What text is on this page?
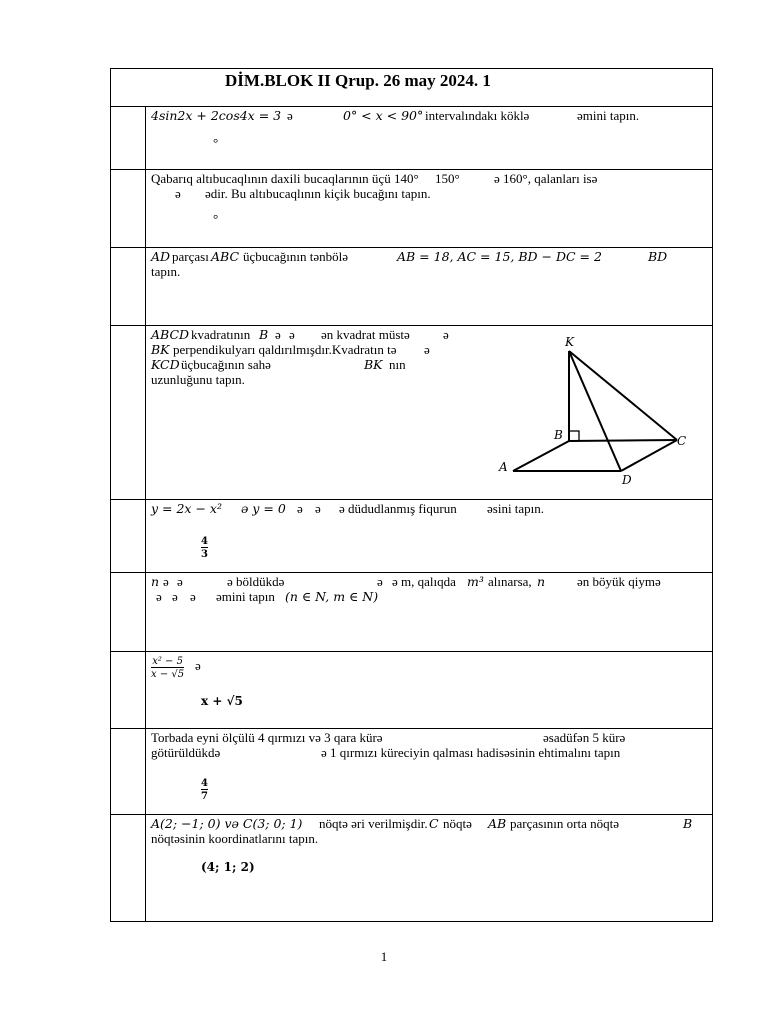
DİM.BLOK II Qrup. 26 may 2024. 1
4sin2x + 2cos4x = 3 ə	0° < x < 90° intervalındakı köklə	əmini tapın.
°
Qabarıq altıbucaqlının daxili bucaqlarının üçü 140° 150°	ə 160°, qalanları isə
ə ədir. Bu altıbucaqlının kiçik bucağını tapın.
°
AD parçası ABC üçbucağının tənbölə	AB = 18, AC = 15, BD − DC = 2	BD
tapın.
ABCD kvadratının B ə ə ən kvadrat müstə	ə
BK perpendikulyarı qaldırılmışdır.Kvadratın tə ə
KCD üçbucağının sahə	BK nın
uzunluğunu tapın.
K
B	C
A
D
y = 2x − x² ə y = 0 ə ə ə düdudlanmış fiqurun əsini tapın.
$\frac{4}{3}$
n ə ə	ə böldükdə	ə ə m, qalıqda m³ alınarsa, n ən böyük qiymə
ə ə ə əmini tapın (n ∈ N, m ∈ N)
$\frac{\text{x² − 5}}{x - √5}$ ə
x + √5
Torbada eyni ölçülü 4 qırmızı və 3 qara kürə	əsadüfən 5 kürə
götürüldükdə	ə 1 qırmızı küreciyin qalması hadisəsinin ehtimalını tapın
$\frac{4}{7}$
A(2; −1; 0) və C(3; 0; 1) nöqtə əri verilmişdir. C nöqtə AB parçasının orta nöqtə	B
nöqtəsinin koordinatlarını tapın.
(4; 1; 2)
1
